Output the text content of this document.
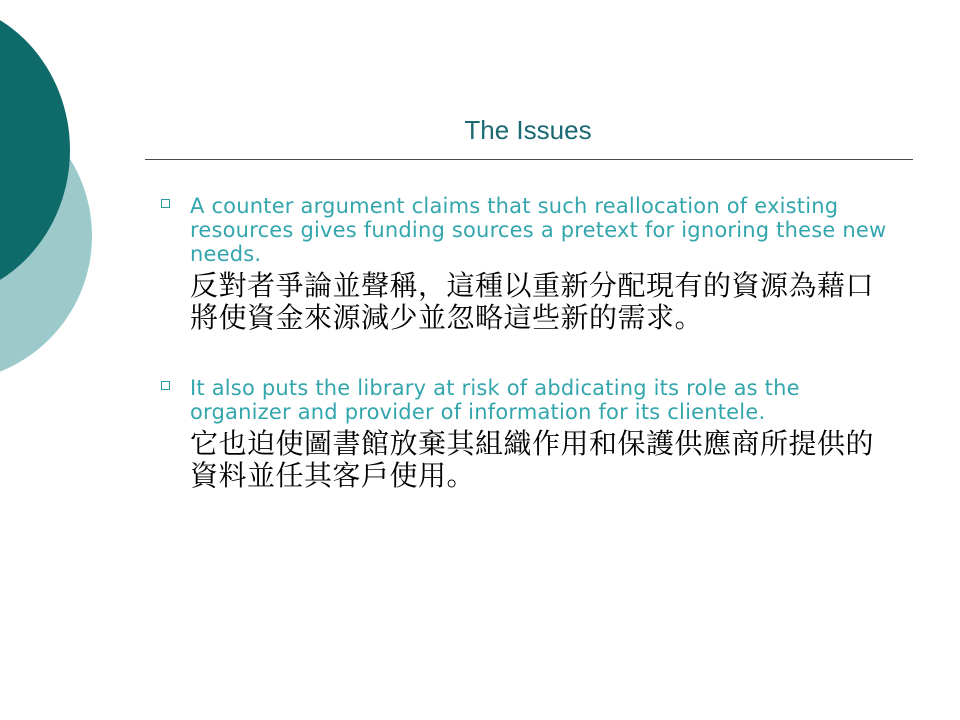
The Issues
A counter argument claims that such reallocation of existing resources gives funding sources a pretext for ignoring these new needs.
反對者爭論並聲稱，這種以重新分配現有的資源為藉口將使資金來源減少並忽略這些新的需求。
It also puts the library at risk of abdicating its role as the organizer and provider of information for its clientele.
它也迫使圖書館放棄其組織作用和保護供應商所提供的資料並任其客戶使用。
